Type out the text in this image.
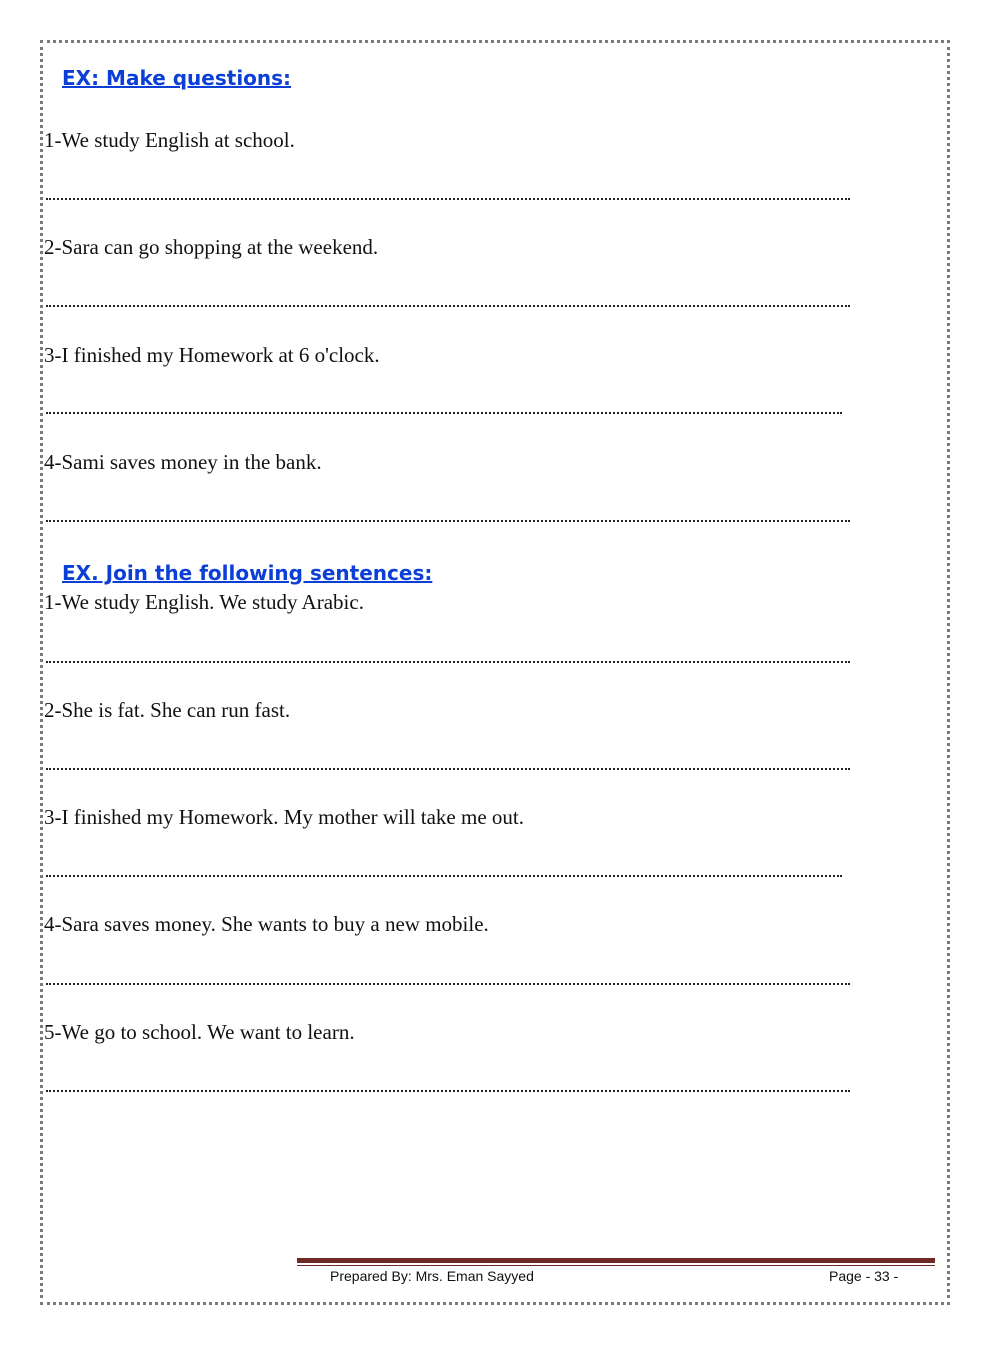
EX: Make questions:
1-We study English at school.
2-Sara can go shopping at the weekend.
3-I finished my Homework at 6 o'clock.
4-Sami saves money in the bank.
EX. Join the following sentences:
1-We study English. We study Arabic.
2-She is fat. She can run fast.
3-I finished my Homework. My mother will take me out.
4-Sara saves money. She wants to buy a new mobile.
5-We go to school. We want to learn.
Prepared By: Mrs. Eman Sayyed	Page - 33 -
